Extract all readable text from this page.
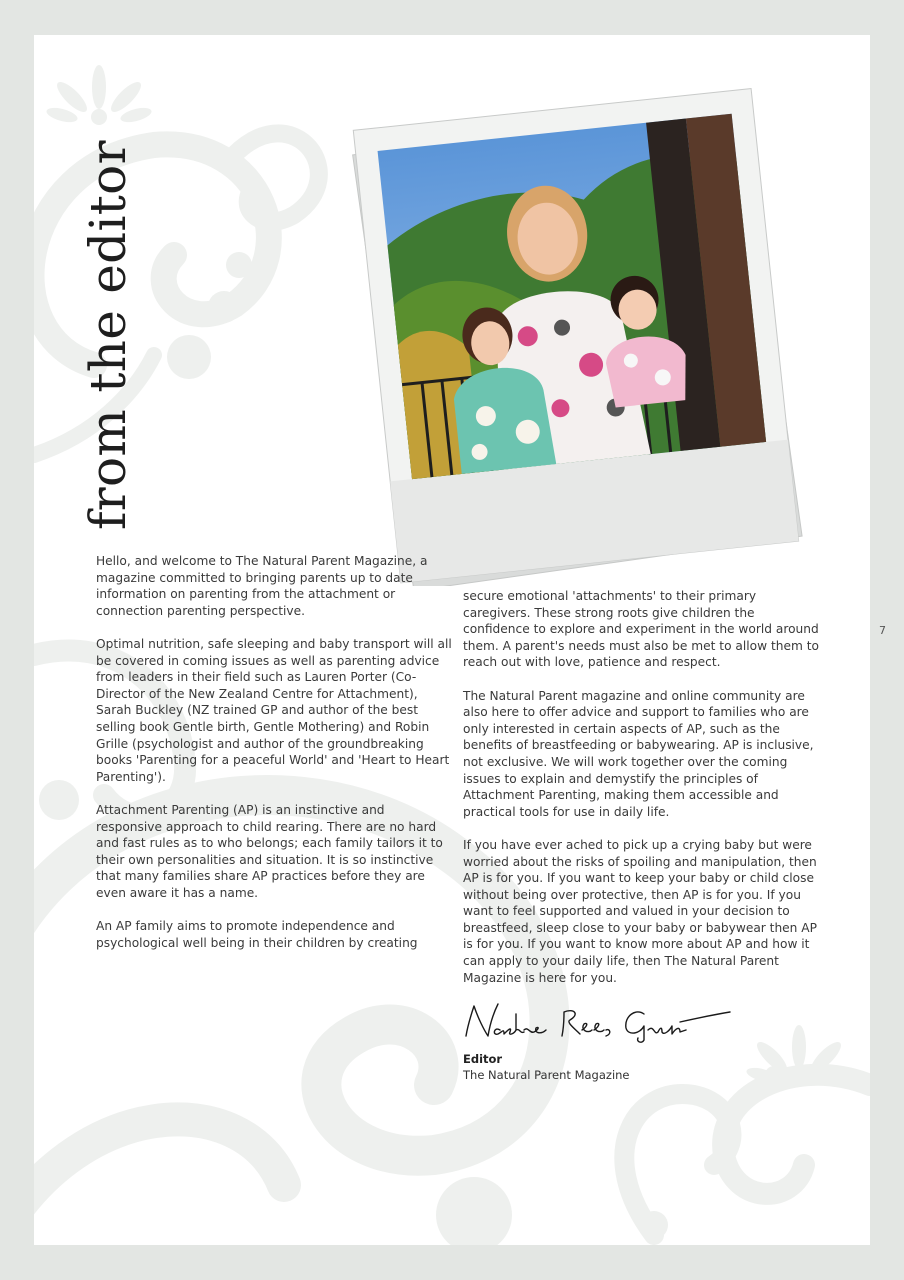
from the editor

Hello, and welcome to The Natural Parent Magazine, a magazine committed to bringing parents up to date information on parenting from the attachment or connection parenting perspective.

Optimal nutrition, safe sleeping and baby transport will all be covered in coming issues as well as parenting advice from leaders in their field such as Lauren Porter (Co-Director of the New Zealand Centre for Attachment), Sarah Buckley (NZ trained GP and author of the best selling book Gentle birth, Gentle Mothering) and Robin Grille (psychologist and author of the groundbreaking books 'Parenting for a peaceful World' and 'Heart to Heart Parenting').

Attachment Parenting (AP) is an instinctive and responsive approach to child rearing. There are no hard and fast rules as to who belongs; each family tailors it to their own personalities and situation. It is so instinctive that many families share AP practices before they are even aware it has a name.

An AP family aims to promote independence and psychological well being in their children by creating

secure emotional 'attachments' to their primary caregivers. These strong roots give children the confidence to explore and experiment in the world around them. A parent's needs must also be met to allow them to reach out with love, patience and respect.

The Natural Parent magazine and online community are also here to offer advice and support to families who are only interested in certain aspects of AP, such as the benefits of breastfeeding or babywearing. AP is inclusive, not exclusive. We will work together over the coming issues to explain and demystify the principles of Attachment Parenting, making them accessible and practical tools for use in daily life.

If you have ever ached to pick up a crying baby but were worried about the risks of spoiling and manipulation, then AP is for you. If you want to keep your baby or child close without being over protective, then AP is for you. If you want to feel supported and valued in your decision to breastfeed, sleep close to your baby or babywear then AP is for you. If you want to know more about AP and how it can apply to your daily life, then The Natural Parent Magazine is here for you.

7
Editor
The Natural Parent Magazine
